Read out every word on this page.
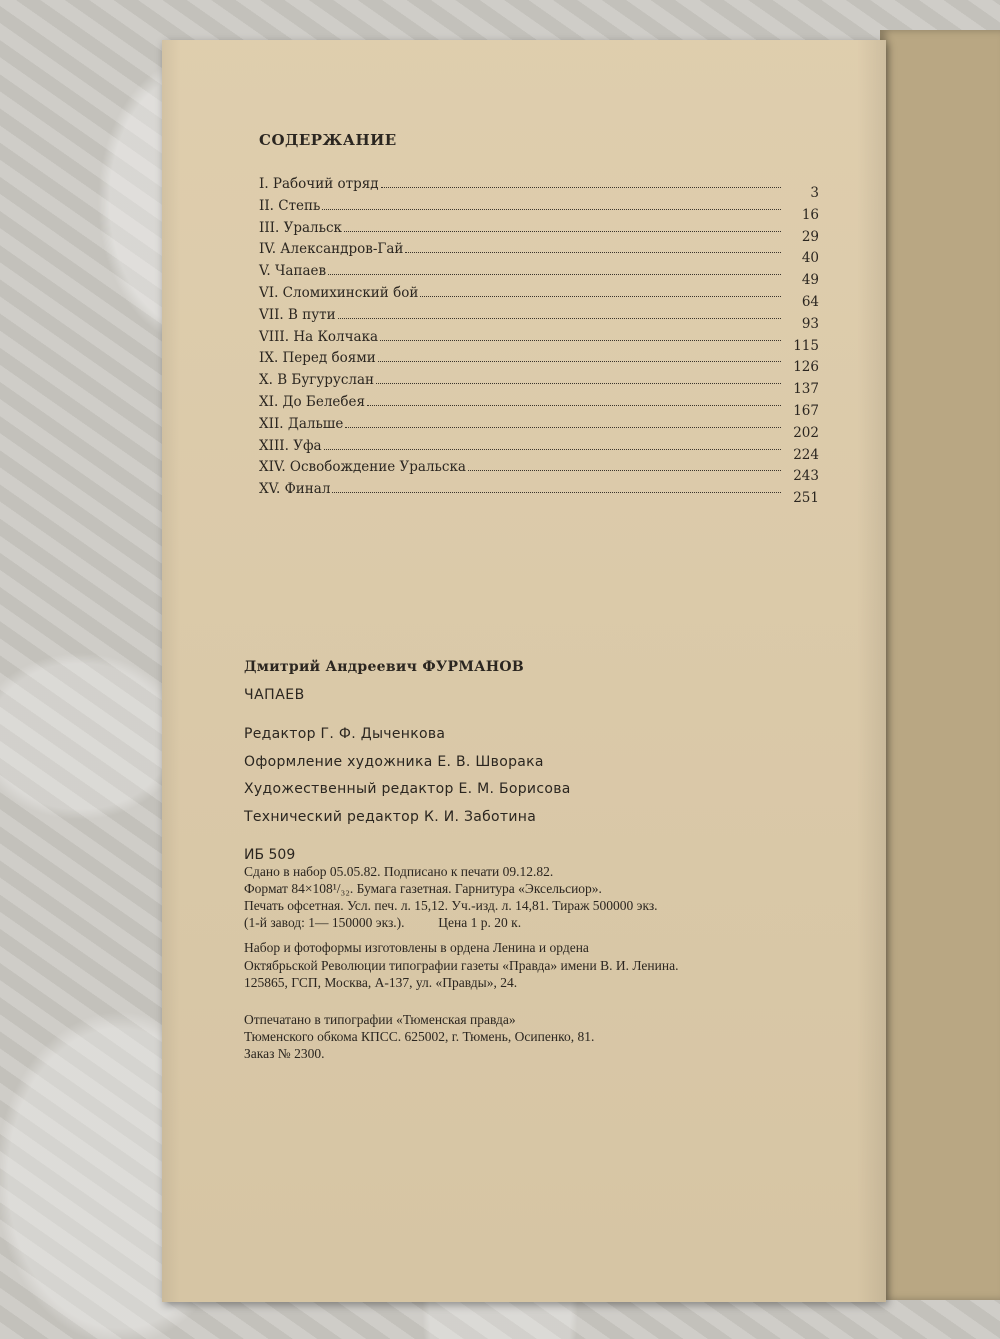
СОДЕРЖАНИЕ
I. Рабочий отряд
3
II. Степь
16
III. Уральск
29
IV. Александров-Гай
40
V. Чапаев
49
VI. Сломихинский бой
64
VII. В пути
93
VIII. На Колчака
115
IX. Перед боями
126
X. В Бугуруслан
137
XI. До Белебея
167
XII. Дальше
202
XIII. Уфа
224
XIV. Освобождение Уральска
243
XV. Финал
251

Дмитрий Андреевич ФУРМАНОВ

ЧАПАЕВ

Редактор Г. Ф. Дыченкова

Оформление художника Е. В. Шворака

Художественный редактор Е. М. Борисова

Технический редактор К. И. Заботина

ИБ 509

Сдано в набор 05.05.82. Подписано к печати 09.12.82.

Формат 84×108¹/₃₂. Бумага газетная. Гарнитура «Эксельсиор».

Печать офсетная. Усл. печ. л. 15,12. Уч.-изд. л. 14,81. Тираж 500000 экз.

(1-й завод: 1— 150000 экз.).          Цена 1 р. 20 к.

Набор и фотоформы изготовлены в ордена Ленина и ордена

Октябрьской Революции типографии газеты «Правда» имени В. И. Ленина.

125865, ГСП, Москва, А-137, ул. «Правды», 24.

Отпечатано в типографии «Тюменская правда»

Тюменского обкома КПСС. 625002, г. Тюмень, Осипенко, 81.

Заказ № 2300.
